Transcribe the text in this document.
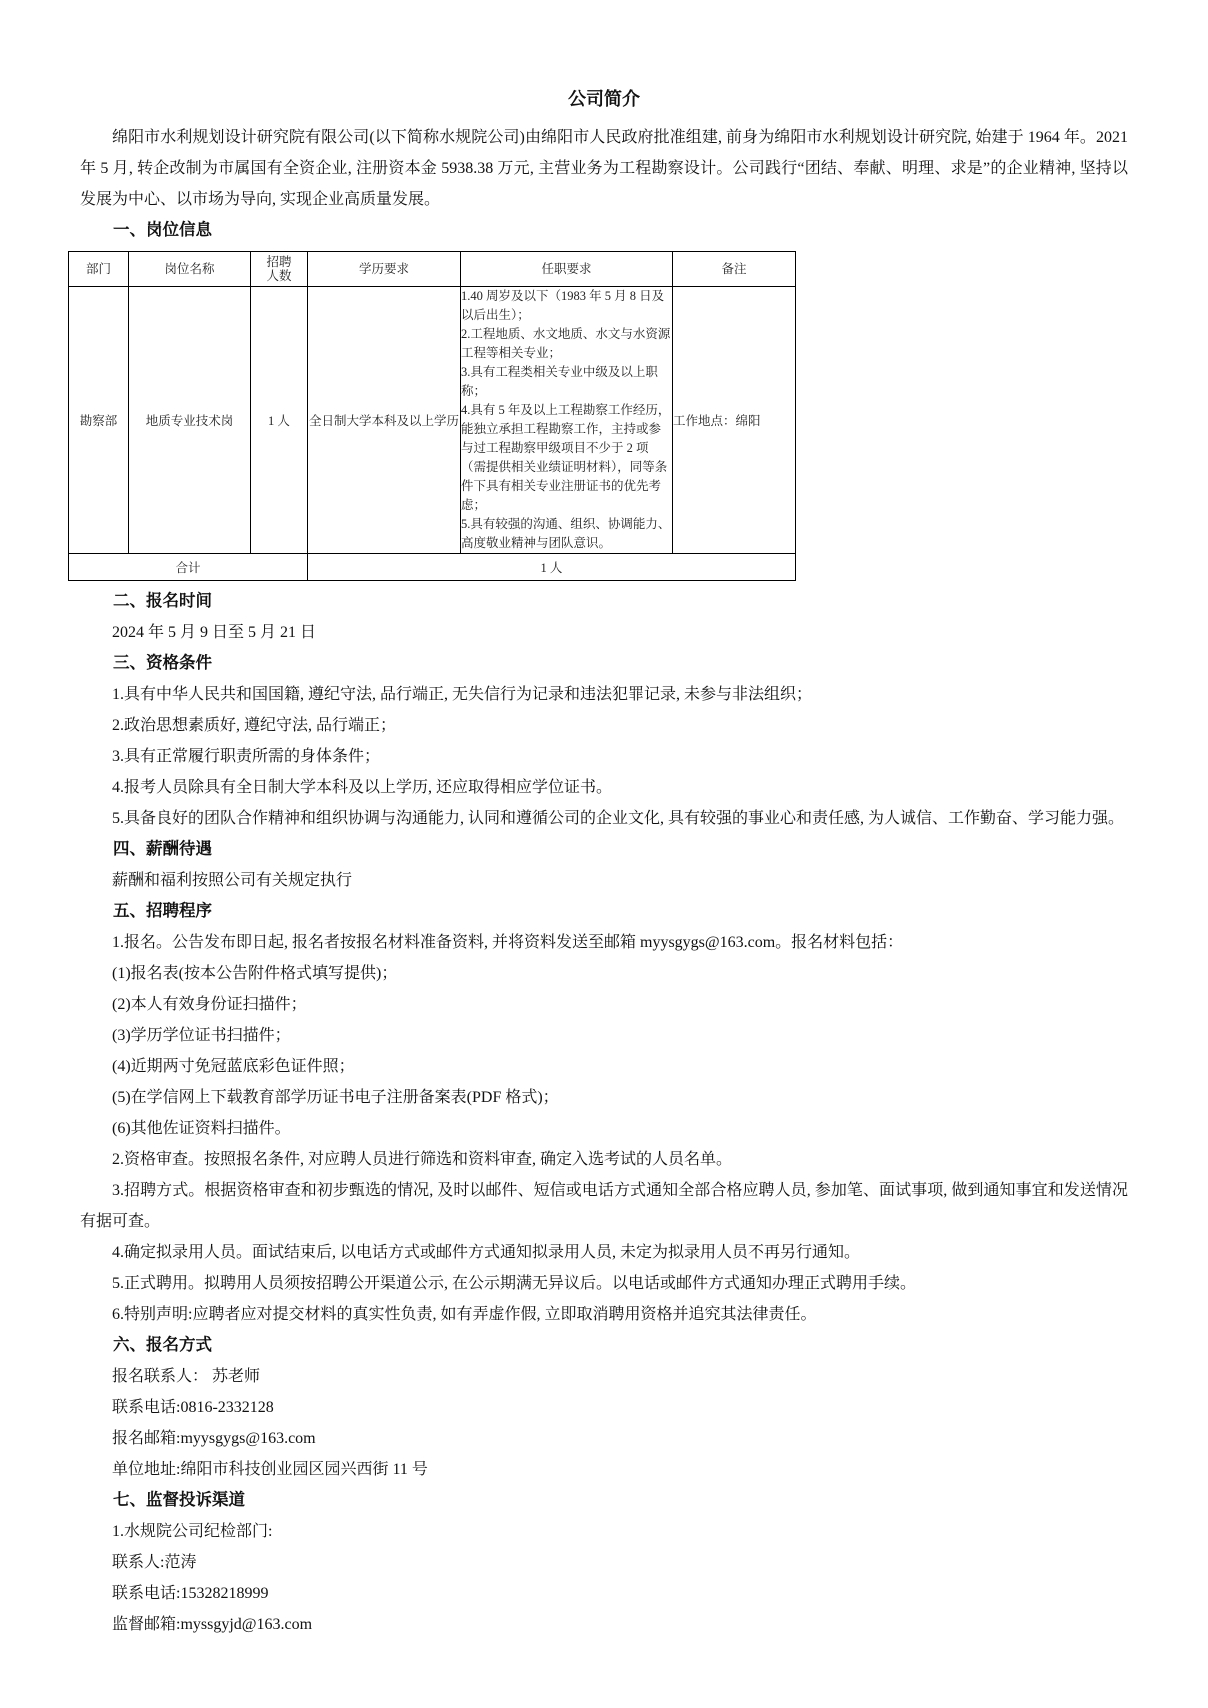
公司简介

绵阳市水利规划设计研究院有限公司(以下简称水规院公司)由绵阳市人民政府批准组建, 前身为绵阳市水利规划设计研究院, 始建于 1964 年。2021 年 5 月, 转企改制为市属国有全资企业, 注册资本金 5938.38 万元, 主营业务为工程勘察设计。公司践行“团结、奉献、明理、求是”的企业精神, 坚持以发展为中心、以市场为导向, 实现企业高质量发展。

一、岗位信息

部门	岗位名称	招聘人数	学历要求	任职要求	备注
勘察部	地质专业技术岗	1 人	全日制大学本科及以上学历	1.40 周岁及以下（1983 年 5 月 8 日及以后出生）；
2.工程地质、水文地质、水文与水资源工程等相关专业；
3.具有工程类相关专业中级及以上职称；
4.具有 5 年及以上工程勘察工作经历，能独立承担工程勘察工作，主持或参与过工程勘察甲级项目不少于 2 项（需提供相关业绩证明材料），同等条件下具有相关专业注册证书的优先考虑；
5.具有较强的沟通、组织、协调能力、高度敬业精神与团队意识。	工作地点：绵阳
合计			1 人		

二、报名时间

2024 年 5 月 9 日至 5 月 21 日

三、资格条件

1.具有中华人民共和国国籍, 遵纪守法, 品行端正, 无失信行为记录和违法犯罪记录, 未参与非法组织；

2.政治思想素质好, 遵纪守法, 品行端正；

3.具有正常履行职责所需的身体条件；

4.报考人员除具有全日制大学本科及以上学历, 还应取得相应学位证书。

5.具备良好的团队合作精神和组织协调与沟通能力, 认同和遵循公司的企业文化, 具有较强的事业心和责任感, 为人诚信、工作勤奋、学习能力强。

四、薪酬待遇

薪酬和福利按照公司有关规定执行

五、招聘程序

1.报名。公告发布即日起, 报名者按报名材料准备资料, 并将资料发送至邮箱 myysgygs@163.com。报名材料包括：

(1)报名表(按本公告附件格式填写提供)；

(2)本人有效身份证扫描件；

(3)学历学位证书扫描件；

(4)近期两寸免冠蓝底彩色证件照；

(5)在学信网上下载教育部学历证书电子注册备案表(PDF 格式)；

(6)其他佐证资料扫描件。

2.资格审查。按照报名条件, 对应聘人员进行筛选和资料审查, 确定入选考试的人员名单。

3.招聘方式。根据资格审查和初步甄选的情况, 及时以邮件、短信或电话方式通知全部合格应聘人员, 参加笔、面试事项, 做到通知事宜和发送情况有据可查。

4.确定拟录用人员。面试结束后, 以电话方式或邮件方式通知拟录用人员, 未定为拟录用人员不再另行通知。

5.正式聘用。拟聘用人员须按招聘公开渠道公示, 在公示期满无异议后。以电话或邮件方式通知办理正式聘用手续。

6.特别声明:应聘者应对提交材料的真实性负责, 如有弄虚作假, 立即取消聘用资格并追究其法律责任。

六、报名方式

报名联系人： 苏老师

联系电话:0816-2332128

报名邮箱:myysgygs@163.com

单位地址:绵阳市科技创业园区园兴西街 11 号

七、监督投诉渠道

1.水规院公司纪检部门:

联系人:范涛

联系电话:15328218999

监督邮箱:myssgyjd@163.com
